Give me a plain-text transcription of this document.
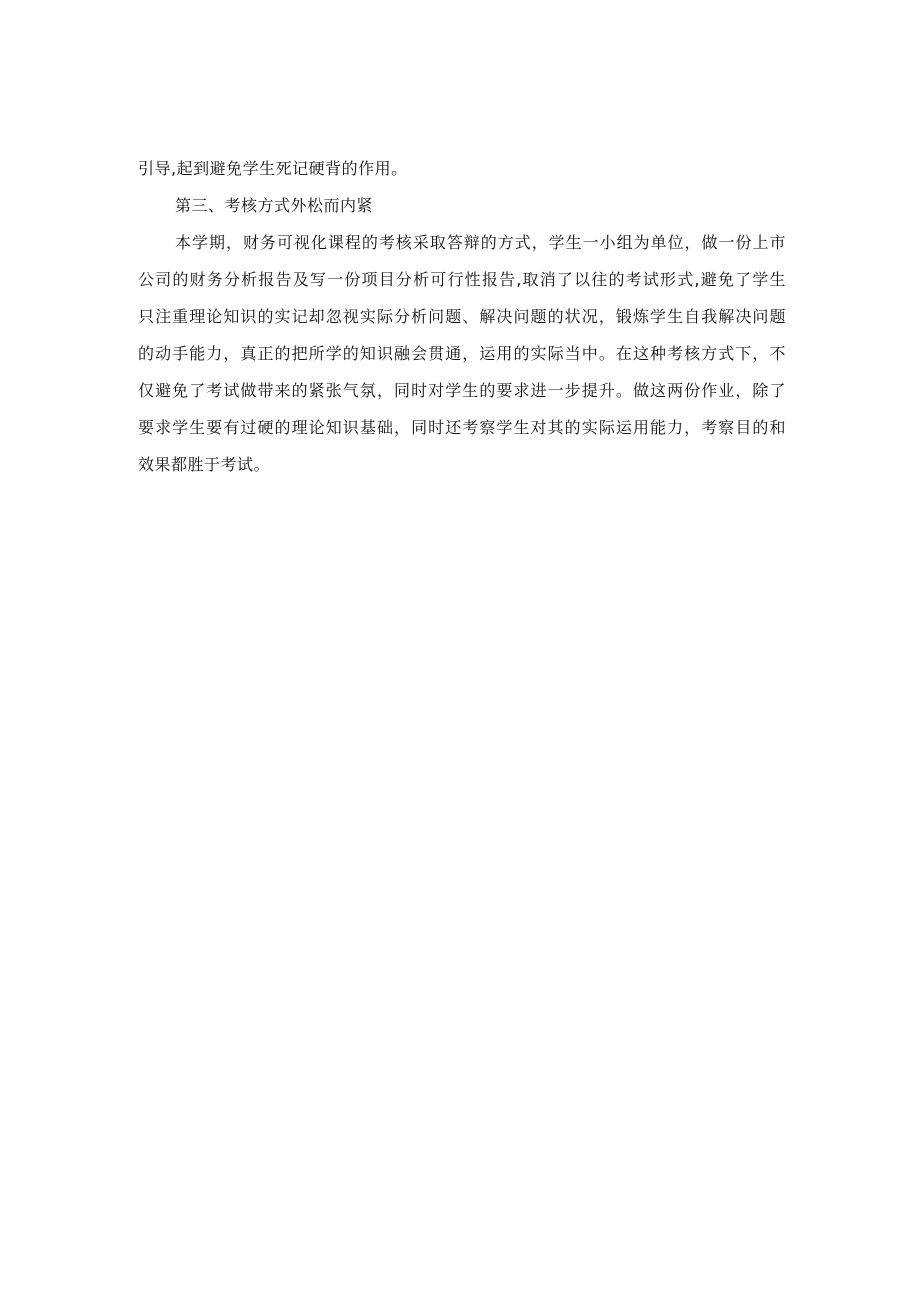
引导,起到避免学生死记硬背的作用。
第三、考核方式外松而内紧
本学期，财务可视化课程的考核采取答辩的方式，学生一小组为单位，做一份上市
公司的财务分析报告及写一份项目分析可行性报告,取消了以往的考试形式,避免了学生
只注重理论知识的实记却忽视实际分析问题、解决问题的状况，锻炼学生自我解决问题
的动手能力，真正的把所学的知识融会贯通，运用的实际当中。在这种考核方式下，不
仅避免了考试做带来的紧张气氛，同时对学生的要求进一步提升。做这两份作业，除了
要求学生要有过硬的理论知识基础，同时还考察学生对其的实际运用能力，考察目的和
效果都胜于考试。
